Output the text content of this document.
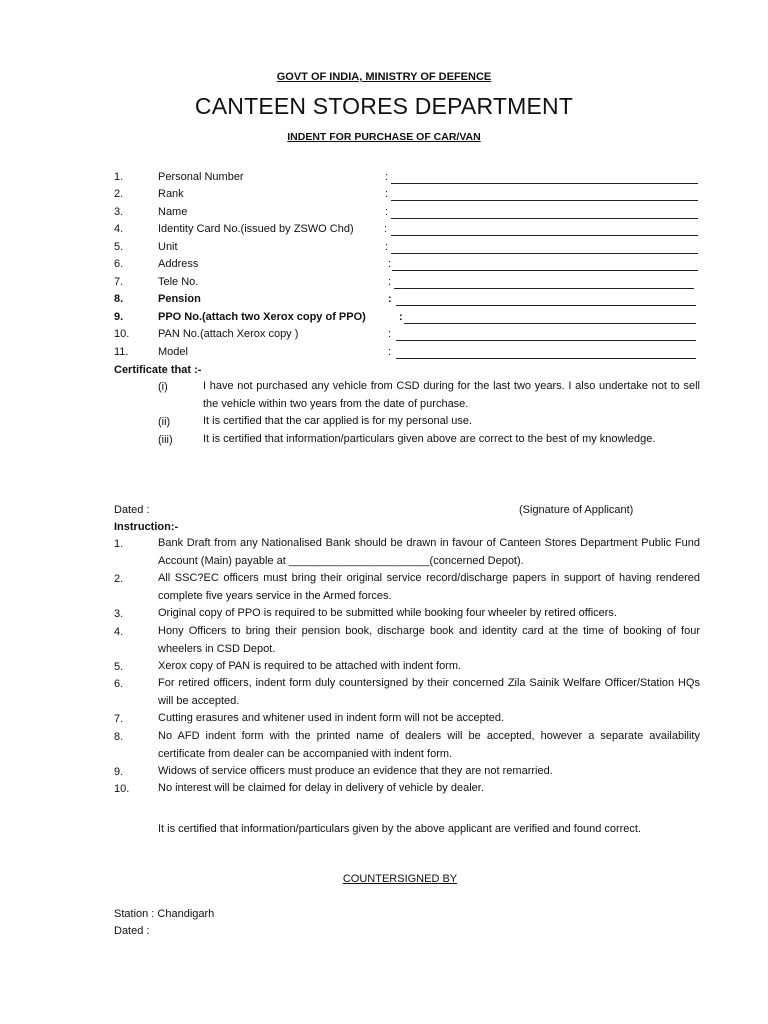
GOVT OF INDIA, MINISTRY OF DEFENCE
CANTEEN STORES DEPARTMENT
INDENT FOR PURCHASE OF CAR/VAN
1.	Personal Number	:
2.	Rank	:
3.	Name	:
4.	Identity Card No.(issued by ZSWO Chd)	:
5.	Unit	:
6.	Address	:
7.	Tele No.	:
8.	Pension	:
9.	PPO No.(attach two Xerox copy of PPO)	:
10.	PAN No.(attach Xerox copy )	:
11.	Model	:
Certificate that :-
(i)	I have not purchased any vehicle from CSD during for the last two years. I also undertake not to sell the vehicle within two years from the date of purchase.
(ii)	It is certified that the car applied is for my personal use.
(iii)	It is certified that information/particulars given above are correct to the best of my knowledge.
Dated :	(Signature of Applicant)
Instruction:-
1.	Bank Draft from any Nationalised Bank should be drawn in favour of Canteen Stores Department Public Fund Account (Main) payable at _______________________(concerned Depot).
2.	All SSC?EC officers must bring their original service record/discharge papers in support of having rendered complete five years service in the Armed forces.
3.	Original copy of PPO is required to be submitted while booking four wheeler by retired officers.
4.	Hony Officers to bring their pension book, discharge book and identity card at the time of booking of four wheelers in CSD Depot.
5.	Xerox copy of PAN is required to be attached with indent form.
6.	For retired officers, indent form duly countersigned by their concerned Zila Sainik Welfare Officer/Station HQs will be accepted.
7.	Cutting erasures and whitener used in indent form will not be accepted.
8.	No AFD indent form with the printed name of dealers will be accepted, however a separate availability certificate from dealer can be accompanied with indent form.
9.	Widows of service officers must produce an evidence that they are not remarried.
10.	No interest will be claimed for delay in delivery of vehicle by dealer.
It is certified that information/particulars given by the above applicant are verified and found correct.
COUNTERSIGNED BY
Station : Chandigarh
Dated :
